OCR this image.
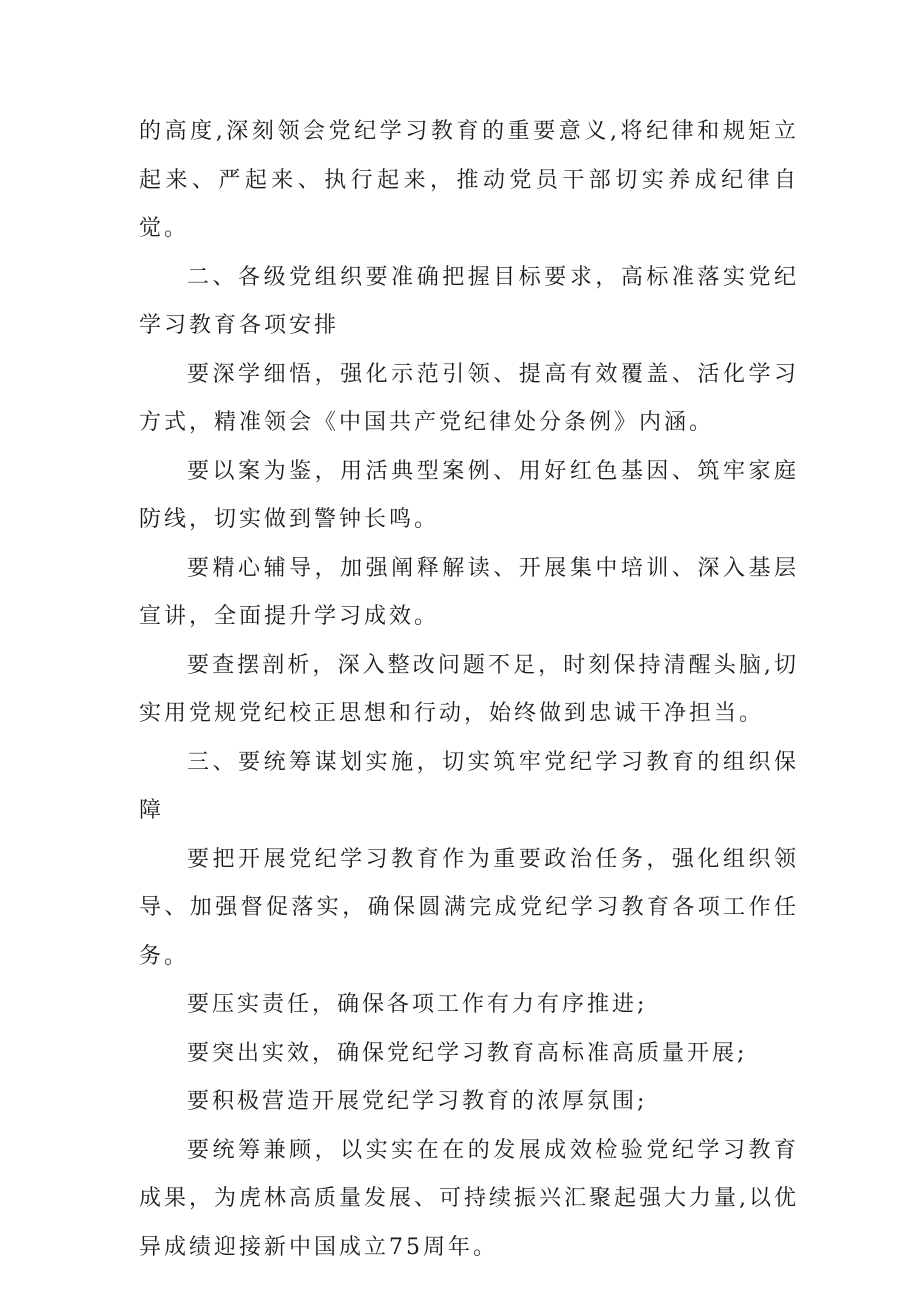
的高度,深刻领会党纪学习教育的重要意义,将纪律和规矩立起来、严起来、执行起来，推动党员干部切实养成纪律自觉。

二、各级党组织要准确把握目标要求，高标准落实党纪学习教育各项安排

要深学细悟，强化示范引领、提高有效覆盖、活化学习方式，精准领会《中国共产党纪律处分条例》内涵。

要以案为鉴，用活典型案例、用好红色基因、筑牢家庭防线，切实做到警钟长鸣。

要精心辅导，加强阐释解读、开展集中培训、深入基层宣讲，全面提升学习成效。

要查摆剖析，深入整改问题不足，时刻保持清醒头脑,切实用党规党纪校正思想和行动，始终做到忠诚干净担当。

三、要统筹谋划实施，切实筑牢党纪学习教育的组织保障

要把开展党纪学习教育作为重要政治任务，强化组织领导、加强督促落实，确保圆满完成党纪学习教育各项工作任务。

要压实责任，确保各项工作有力有序推进;

要突出实效，确保党纪学习教育高标准高质量开展;

要积极营造开展党纪学习教育的浓厚氛围;

要统筹兼顾，以实实在在的发展成效检验党纪学习教育成果，为虎林高质量发展、可持续振兴汇聚起强大力量,以优异成绩迎接新中国成立75周年。
